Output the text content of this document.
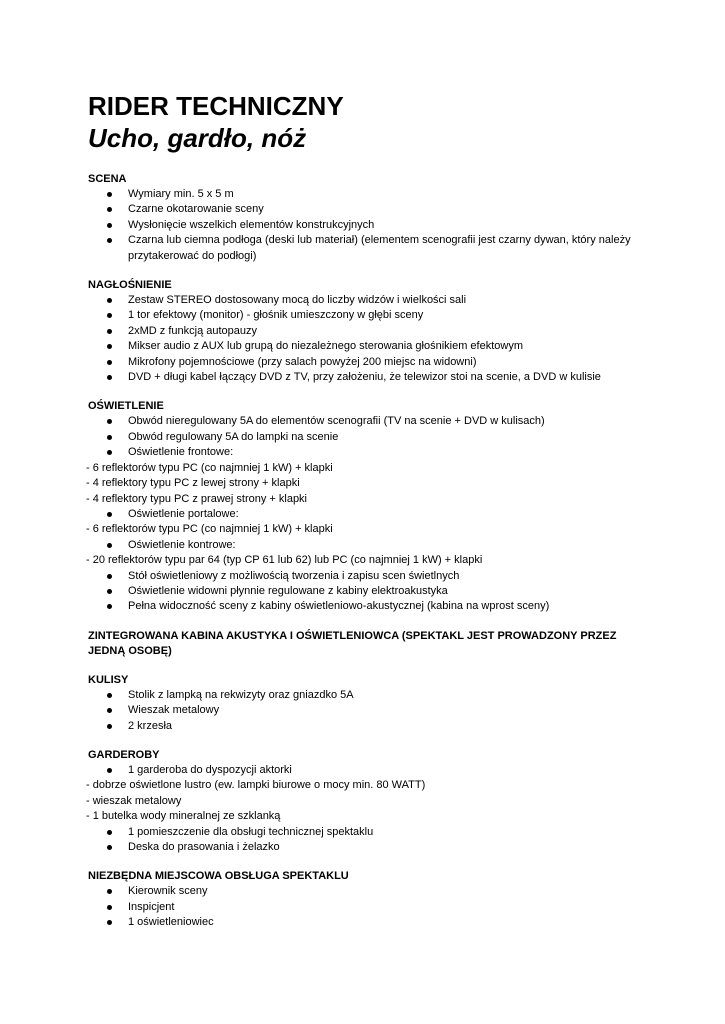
RIDER TECHNICZNY
Ucho, gardło, nóż
SCENA
Wymiary min. 5 x 5 m
Czarne okotarowanie sceny
Wysłonięcie wszelkich elementów konstrukcyjnych
Czarna lub ciemna podłoga (deski lub materiał) (elementem scenografii jest czarny dywan, który należy przytakerować do podłogi)
NAGŁOŚNIENIE
Zestaw STEREO dostosowany mocą do liczby widzów i wielkości sali
1 tor efektowy (monitor) - głośnik umieszczony w głębi sceny
2xMD z funkcją autopauzy
Mikser audio z AUX lub grupą do niezależnego sterowania głośnikiem efektowym
Mikrofony pojemnościowe (przy salach powyżej 200 miejsc na widowni)
DVD + długi kabel łączący DVD z TV, przy założeniu, że telewizor stoi na scenie, a DVD w kulisie
OŚWIETLENIE
Obwód nieregulowany 5A do elementów scenografii (TV na scenie + DVD w kulisach)
Obwód regulowany 5A do lampki na scenie
Oświetlenie frontowe:
- 6 reflektorów typu PC (co najmniej 1 kW) + klapki
- 4 reflektory typu PC z lewej strony + klapki
- 4 reflektory typu PC z prawej strony + klapki
Oświetlenie portalowe:
- 6 reflektorów typu PC (co najmniej 1 kW) + klapki
Oświetlenie kontrowe:
- 20 reflektorów typu par 64 (typ CP 61 lub 62) lub PC (co najmniej 1 kW) + klapki
Stół oświetleniowy z możliwością tworzenia i zapisu scen świetlnych
Oświetlenie widowni płynnie regulowane z kabiny elektroakustyka
Pełna widoczność sceny z kabiny oświetleniowo-akustycznej (kabina na wprost sceny)
ZINTEGROWANA KABINA AKUSTYKA I OŚWIETLENIOWCA (SPEKTAKL JEST PROWADZONY PRZEZ JEDNĄ OSOBĘ)
KULISY
Stolik z lampką na rekwizyty oraz gniazdko 5A
Wieszak metalowy
2 krzesła
GARDEROBY
1 garderoba do dyspozycji aktorki
- dobrze oświetlone lustro (ew. lampki biurowe o mocy min. 80 WATT)
- wieszak metalowy
- 1 butelka wody mineralnej ze szklanką
1 pomieszczenie dla obsługi technicznej spektaklu
Deska do prasowania i żelazko
NIEZBĘDNA MIEJSCOWA OBSŁUGA SPEKTAKLU
Kierownik sceny
Inspicjent
1 oświetleniowiec
